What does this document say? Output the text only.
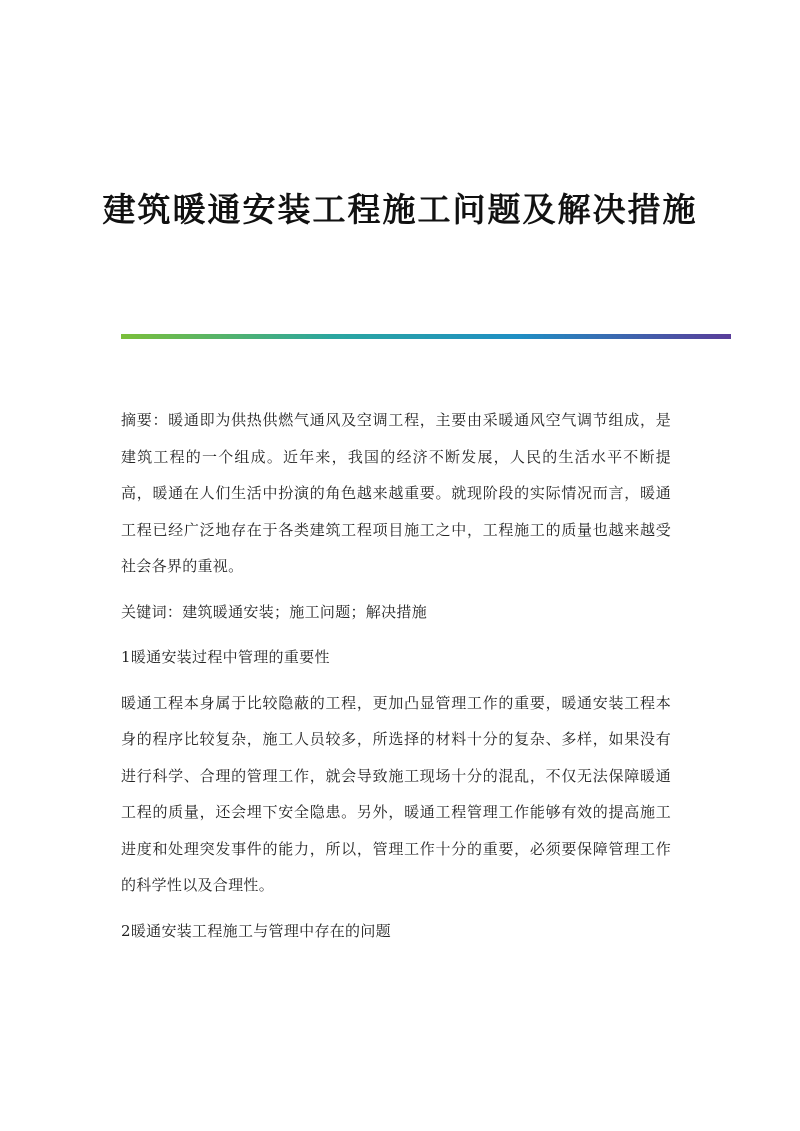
建筑暖通安装工程施工问题及解决措施

摘要：暖通即为供热供燃气通风及空调工程，主要由采暖通风空气调节组成，是建筑工程的一个组成。近年来，我国的经济不断发展，人民的生活水平不断提高，暖通在人们生活中扮演的角色越来越重要。就现阶段的实际情况而言，暖通工程已经广泛地存在于各类建筑工程项目施工之中，工程施工的质量也越来越受社会各界的重视。

关键词：建筑暖通安装；施工问题；解决措施

1暖通安装过程中管理的重要性

暖通工程本身属于比较隐蔽的工程，更加凸显管理工作的重要，暖通安装工程本身的程序比较复杂，施工人员较多，所选择的材料十分的复杂、多样，如果没有进行科学、合理的管理工作，就会导致施工现场十分的混乱，不仅无法保障暖通工程的质量，还会埋下安全隐患。另外，暖通工程管理工作能够有效的提高施工进度和处理突发事件的能力，所以，管理工作十分的重要，必须要保障管理工作的科学性以及合理性。

2暖通安装工程施工与管理中存在的问题
